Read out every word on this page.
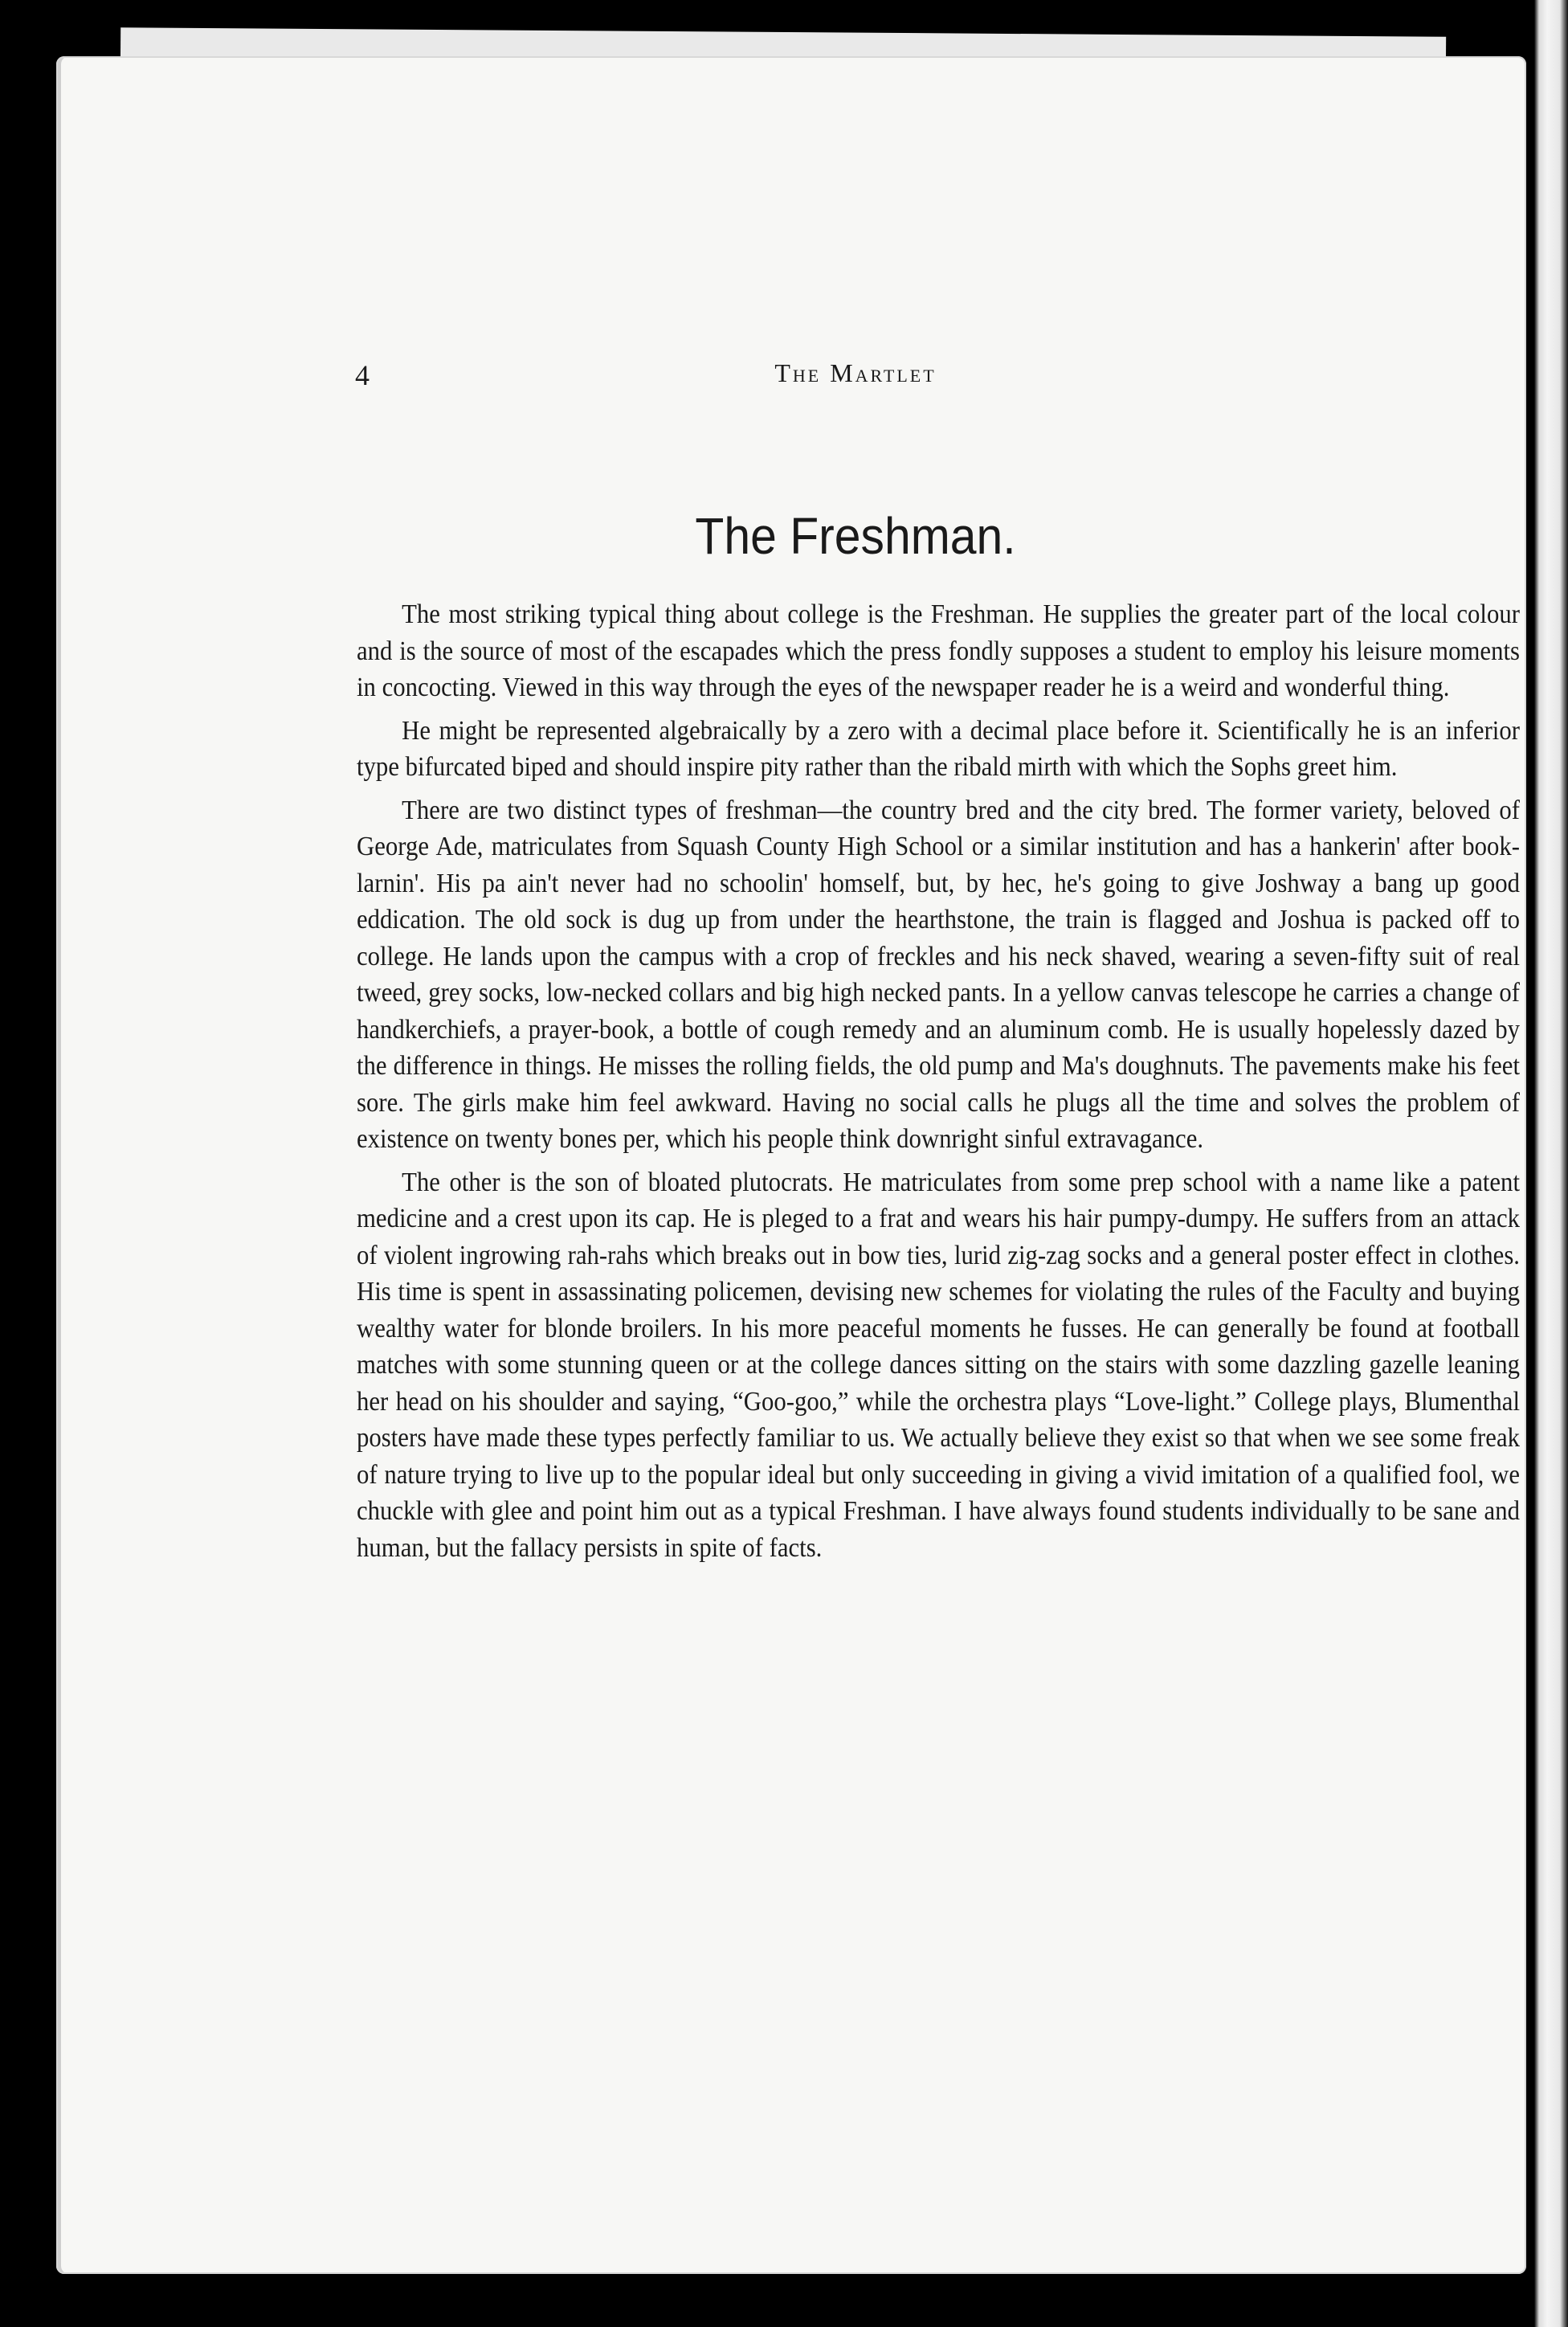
4	The Martlet
The Freshman.

The most striking typical thing about college is the Freshman. He supplies the greater part of the local colour and is the source of most of the escapades which the press fondly supposes a student to employ his leisure moments in concocting. Viewed in this way through the eyes of the newspaper reader he is a weird and wonderful thing.

He might be represented algebraically by a zero with a decimal place before it. Scientifically he is an inferior type bifurcated biped and should inspire pity rather than the ribald mirth with which the Sophs greet him.

There are two distinct types of freshman—the country bred and the city bred. The former variety, beloved of George Ade, matriculates from Squash County High School or a similar institution and has a hankerin' after book-larnin'. His pa ain't never had no schoolin' homself, but, by hec, he's going to give Joshway a bang up good eddication. The old sock is dug up from under the hearthstone, the train is flagged and Joshua is packed off to college. He lands upon the campus with a crop of freckles and his neck shaved, wearing a seven-fifty suit of real tweed, grey socks, low-necked collars and big high necked pants. In a yellow canvas telescope he carries a change of handkerchiefs, a prayer-book, a bottle of cough remedy and an aluminum comb. He is usually hopelessly dazed by the difference in things. He misses the rolling fields, the old pump and Ma's doughnuts. The pavements make his feet sore. The girls make him feel awkward. Having no social calls he plugs all the time and solves the problem of existence on twenty bones per, which his people think downright sinful extravagance.

The other is the son of bloated plutocrats. He matriculates from some prep school with a name like a patent medicine and a crest upon its cap. He is pleged to a frat and wears his hair pumpy-dumpy. He suffers from an attack of violent ingrowing rah-rahs which breaks out in bow ties, lurid zig-zag socks and a general poster effect in clothes. His time is spent in assassinating policemen, devising new schemes for violating the rules of the Faculty and buying wealthy water for blonde broilers. In his more peaceful moments he fusses. He can generally be found at football matches with some stunning queen or at the college dances sitting on the stairs with some dazzling gazelle leaning her head on his shoulder and saying, “Goo-goo,” while the orchestra plays “Love-light.” College plays, Blumenthal posters have made these types perfectly familiar to us. We actually believe they exist so that when we see some freak of nature trying to live up to the popular ideal but only succeeding in giving a vivid imitation of a qualified fool, we chuckle with glee and point him out as a typical Freshman. I have always found students individually to be sane and human, but the fallacy persists in spite of facts.
